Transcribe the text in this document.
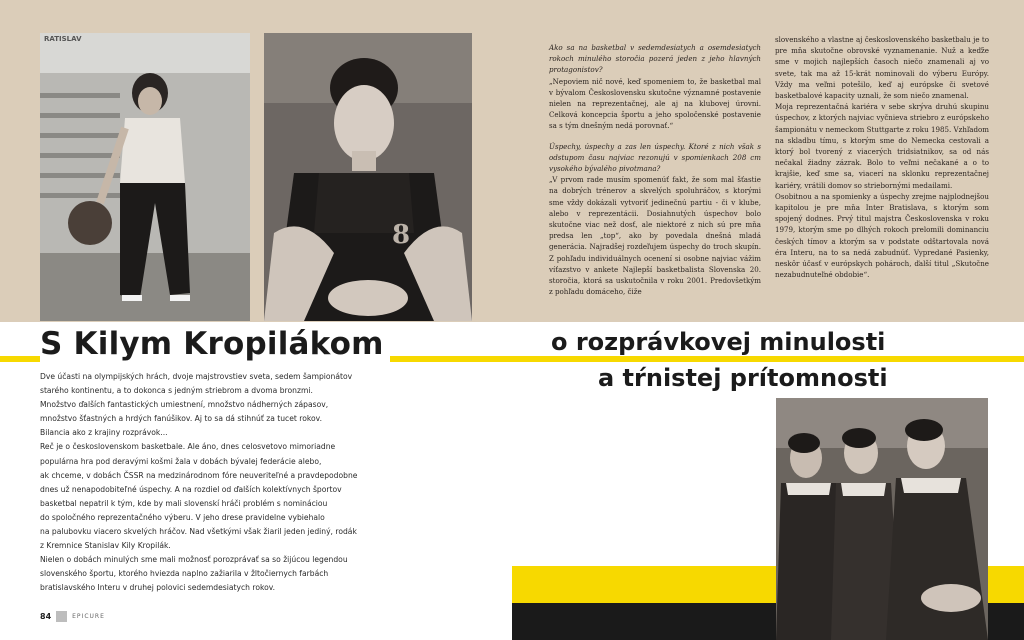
RATISLAV
8

Ako sa na basketbal v sedemdesiatych a osemdesiatych rokoch minulého storočia pozerá jeden z jeho hlavných protagonistov?

„Nepoviem nič nové, keď spomeniem to, že basketbal mal v bývalom Československu skutočne významné postavenie nielen na reprezentačnej, ale aj na klubovej úrovni. Celková koncepcia športu a jeho spoločenské postavenie sa s tým dnešným nedá porovnať.“

Úspechy, úspechy a zas len úspechy. Ktoré z nich však s odstupom času najviac rezonujú v spomienkach 208 cm vysokého bývalého pivotmana?

„V prvom rade musím spomenúť fakt, že som mal šťastie na dobrých trénerov a skvelých spoluhráčov, s ktorými sme vždy dokázali vytvoriť jedinečnú partiu - či v klube, alebo v reprezentácii. Dosiahnutých úspechov bolo skutočne viac než dosť, ale niektoré z nich sú pre mňa predsa len „top“, ako by povedala dnešná mladá generácia. Najradšej rozdeľujem úspechy do troch skupín. Z pohľadu individuálnych ocenení si osobne najviac vážim víťazstvo v ankete Najlepší basketbalista Slovenska 20. storočia, ktorá sa uskutočnila v roku 2001. Predovšetkým z pohľadu domáceho, čiže

slovenského a vlastne aj československého basketbalu je to pre mňa skutočne obrovské vyznamenanie. Nuž a keďže sme v mojich najlepších časoch niečo znamenali aj vo svete, tak ma až 15-krát nominovali do výberu Európy. Vždy ma veľmi potešilo, keď aj európske či svetové basketbalové kapacity uznali, že som niečo znamenal.

Moja reprezentačná kariéra v sebe skrýva druhú skupinu úspechov, z ktorých najviac vyčnieva striebro z európskeho šampionátu v nemeckom Stuttgarte z roku 1985. Vzhľadom na skladbu tímu, s ktorým sme do Nemecka cestovali a ktorý bol tvorený z viacerých tridsiatnikov, sa od nás nečakal žiadny zázrak. Bolo to veľmi nečakané a o to krajšie, keď sme sa, viacerí na sklonku reprezentačnej kariéry, vrátili domov so striebornými medailami.

Osobitnou a na spomienky a úspechy zrejme najplodnejšou kapitolou je pre mňa Inter Bratislava, s ktorým som spojený dodnes. Prvý titul majstra Československa v roku 1979, ktorým sme po dlhých rokoch prelomili dominanciu českých tímov a ktorým sa v podstate odštartovala nová éra Interu, na to sa nedá zabudnúť. Vypredané Pasienky, neskôr účasť v európskych pohároch, ďalší titul „Skutočne nezabudnuteľné obdobie“.

S Kilym Kropilákom	o rozprávkovej minulosti
a tŕnistej prítomnosti
Dve účasti na olympijských hrách, dvoje majstrovstiev sveta, sedem šampionátov
starého kontinentu, a to dokonca s jedným striebrom a dvoma bronzmi.
Množstvo ďalších fantastických umiestnení, množstvo nádherných zápasov,
množstvo šťastných a hrdých fanúšikov. Aj to sa dá stihnúť za tucet rokov.
Bilancia ako z krajiny rozprávok...
Reč je o československom basketbale. Ale áno, dnes celosvetovo mimoriadne
populárna hra pod deravými košmi žala v dobách bývalej federácie alebo,
ak chceme, v dobách ČSSR na medzinárodnom fóre neuveriteľné a pravdepodobne
dnes už nenapodobiteľné úspechy. A na rozdiel od ďalších kolektívnych športov
basketbal nepatril k tým, kde by mali slovenskí hráči problém s nomináciou
do spoločného reprezentačného výberu. V jeho drese pravidelne vybiehalo
na palubovku viacero skvelých hráčov. Nad všetkými však žiaril jeden jediný, rodák
z Kremnice Stanislav Kily Kropilák.
Nielen o dobách minulých sme mali možnosť porozprávať sa so žijúcou legendou
slovenského športu, ktorého hviezda naplno zažiarila v žltočiernych farbách
bratislavského Interu v druhej polovici sedemdesiatych rokov.
84	EPICURE
